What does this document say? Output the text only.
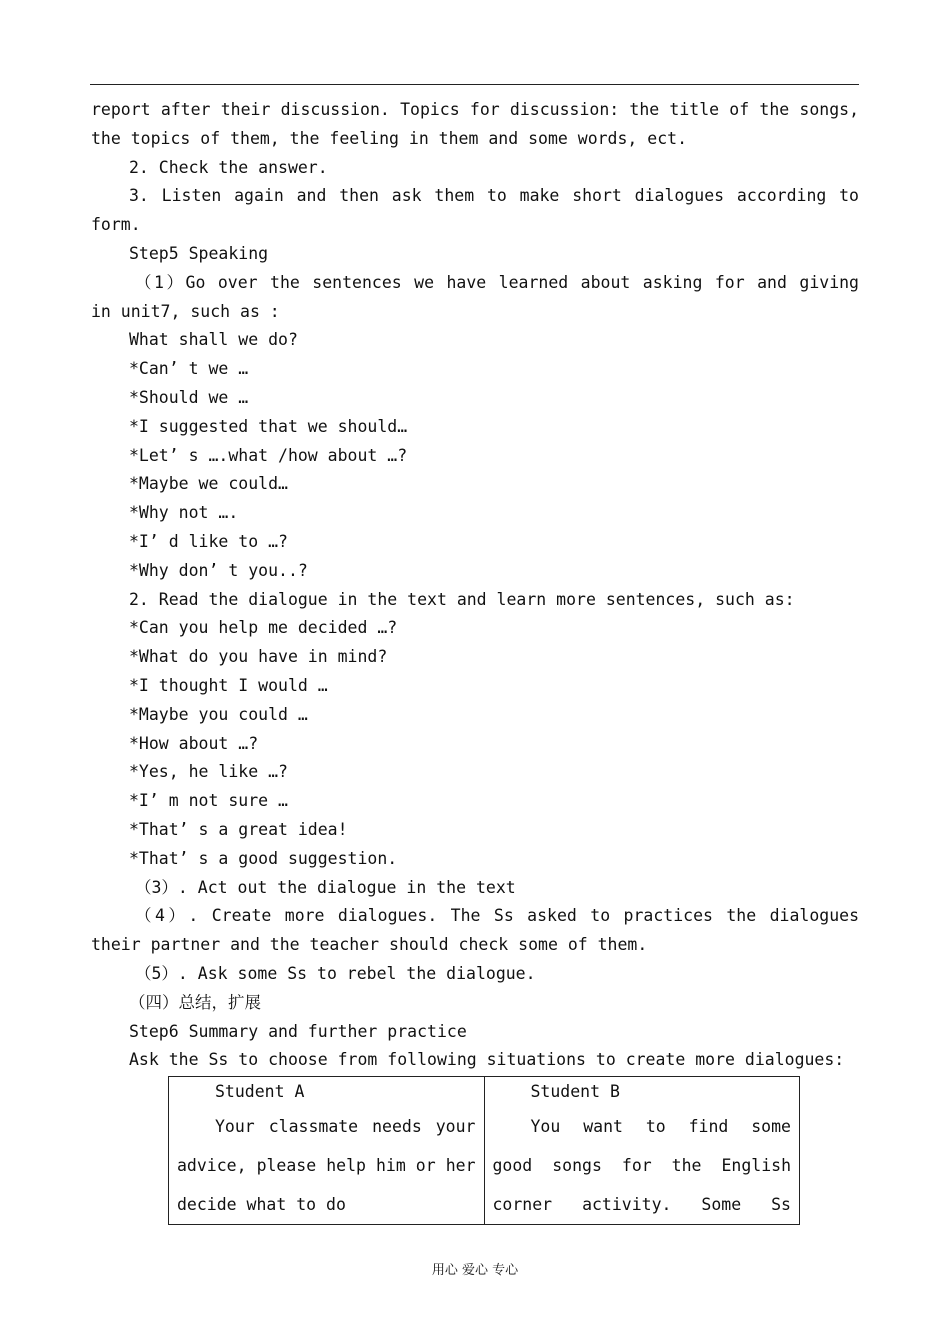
report after their discussion. Topics for discussion: the title of the songs,
the topics of them, the feeling in them and some words, ect.
2. Check the answer.
3. Listen again and then ask them to make short dialogues according to
form.
Step5 Speaking
（1）Go over the sentences we have learned about asking for and giving
in unit7, such as :
What shall we do?
*Can’ t we …
*Should we …
*I suggested that we should…
*Let’ s ….what /how about …?
*Maybe we could…
*Why not ….
*I’ d like to …?
*Why don’ t you..?
2. Read the dialogue in the text and learn more sentences, such as:
*Can you help me decided …?
*What do you have in mind?
*I thought I would …
*Maybe you could …
*How about …?
*Yes, he like …?
*I’ m not sure …
*That’ s a great idea!
*That’ s a good suggestion.
（3）. Act out the dialogue in the text
（4）. Create more dialogues. The Ss asked to practices the dialogues
their partner and the teacher should check some of them.
（5）. Ask some Ss to rebel the dialogue.
（四）总结，扩展
Step6 Summary and further practice
Ask the Ss to choose from following situations to create more dialogues:
Student A
Your classmate needs your
advice, please help him or her
decide what to do

Student B
You want to find some
good songs for the English
corner activity. Some Ss
用心 爱心 专心
